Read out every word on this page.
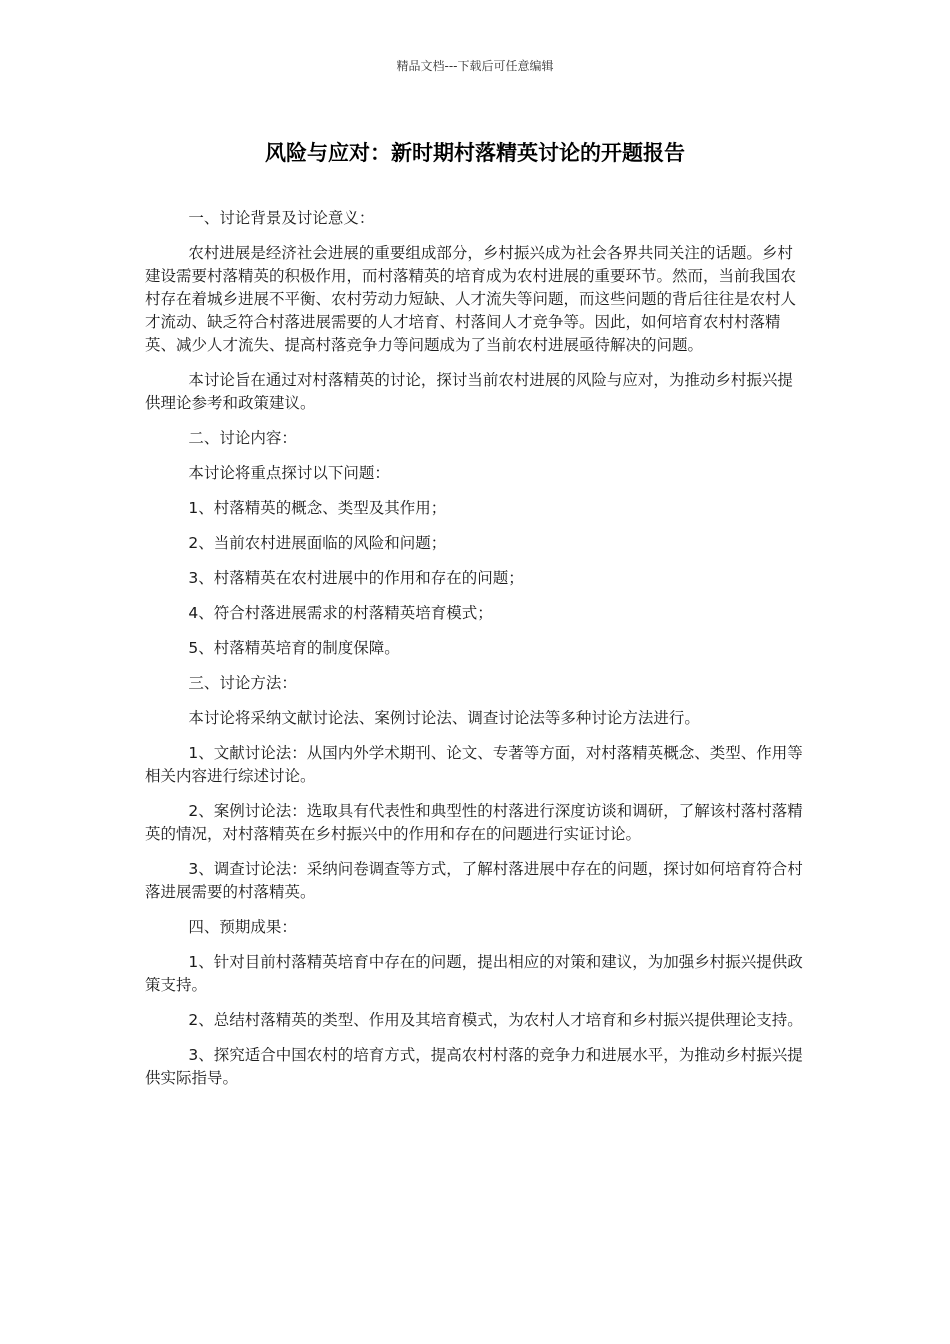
精品文档---下载后可任意编辑
风险与应对：新时期村落精英讨论的开题报告

一、讨论背景及讨论意义：

农村进展是经济社会进展的重要组成部分，乡村振兴成为社会各界共同关注的话题。乡村建设需要村落精英的积极作用，而村落精英的培育成为农村进展的重要环节。然而，当前我国农村存在着城乡进展不平衡、农村劳动力短缺、人才流失等问题，而这些问题的背后往往是农村人才流动、缺乏符合村落进展需要的人才培育、村落间人才竞争等。因此，如何培育农村村落精英、减少人才流失、提高村落竞争力等问题成为了当前农村进展亟待解决的问题。

本讨论旨在通过对村落精英的讨论，探讨当前农村进展的风险与应对，为推动乡村振兴提供理论参考和政策建议。

二、讨论内容：

本讨论将重点探讨以下问题：

1、村落精英的概念、类型及其作用；

2、当前农村进展面临的风险和问题；

3、村落精英在农村进展中的作用和存在的问题；

4、符合村落进展需求的村落精英培育模式；

5、村落精英培育的制度保障。

三、讨论方法：

本讨论将采纳文献讨论法、案例讨论法、调查讨论法等多种讨论方法进行。

1、文献讨论法：从国内外学术期刊、论文、专著等方面，对村落精英概念、类型、作用等相关内容进行综述讨论。

2、案例讨论法：选取具有代表性和典型性的村落进行深度访谈和调研，了解该村落村落精英的情况，对村落精英在乡村振兴中的作用和存在的问题进行实证讨论。

3、调查讨论法：采纳问卷调查等方式，了解村落进展中存在的问题，探讨如何培育符合村落进展需要的村落精英。

四、预期成果：

1、针对目前村落精英培育中存在的问题，提出相应的对策和建议，为加强乡村振兴提供政策支持。

2、总结村落精英的类型、作用及其培育模式，为农村人才培育和乡村振兴提供理论支持。

3、探究适合中国农村的培育方式，提高农村村落的竞争力和进展水平，为推动乡村振兴提供实际指导。
